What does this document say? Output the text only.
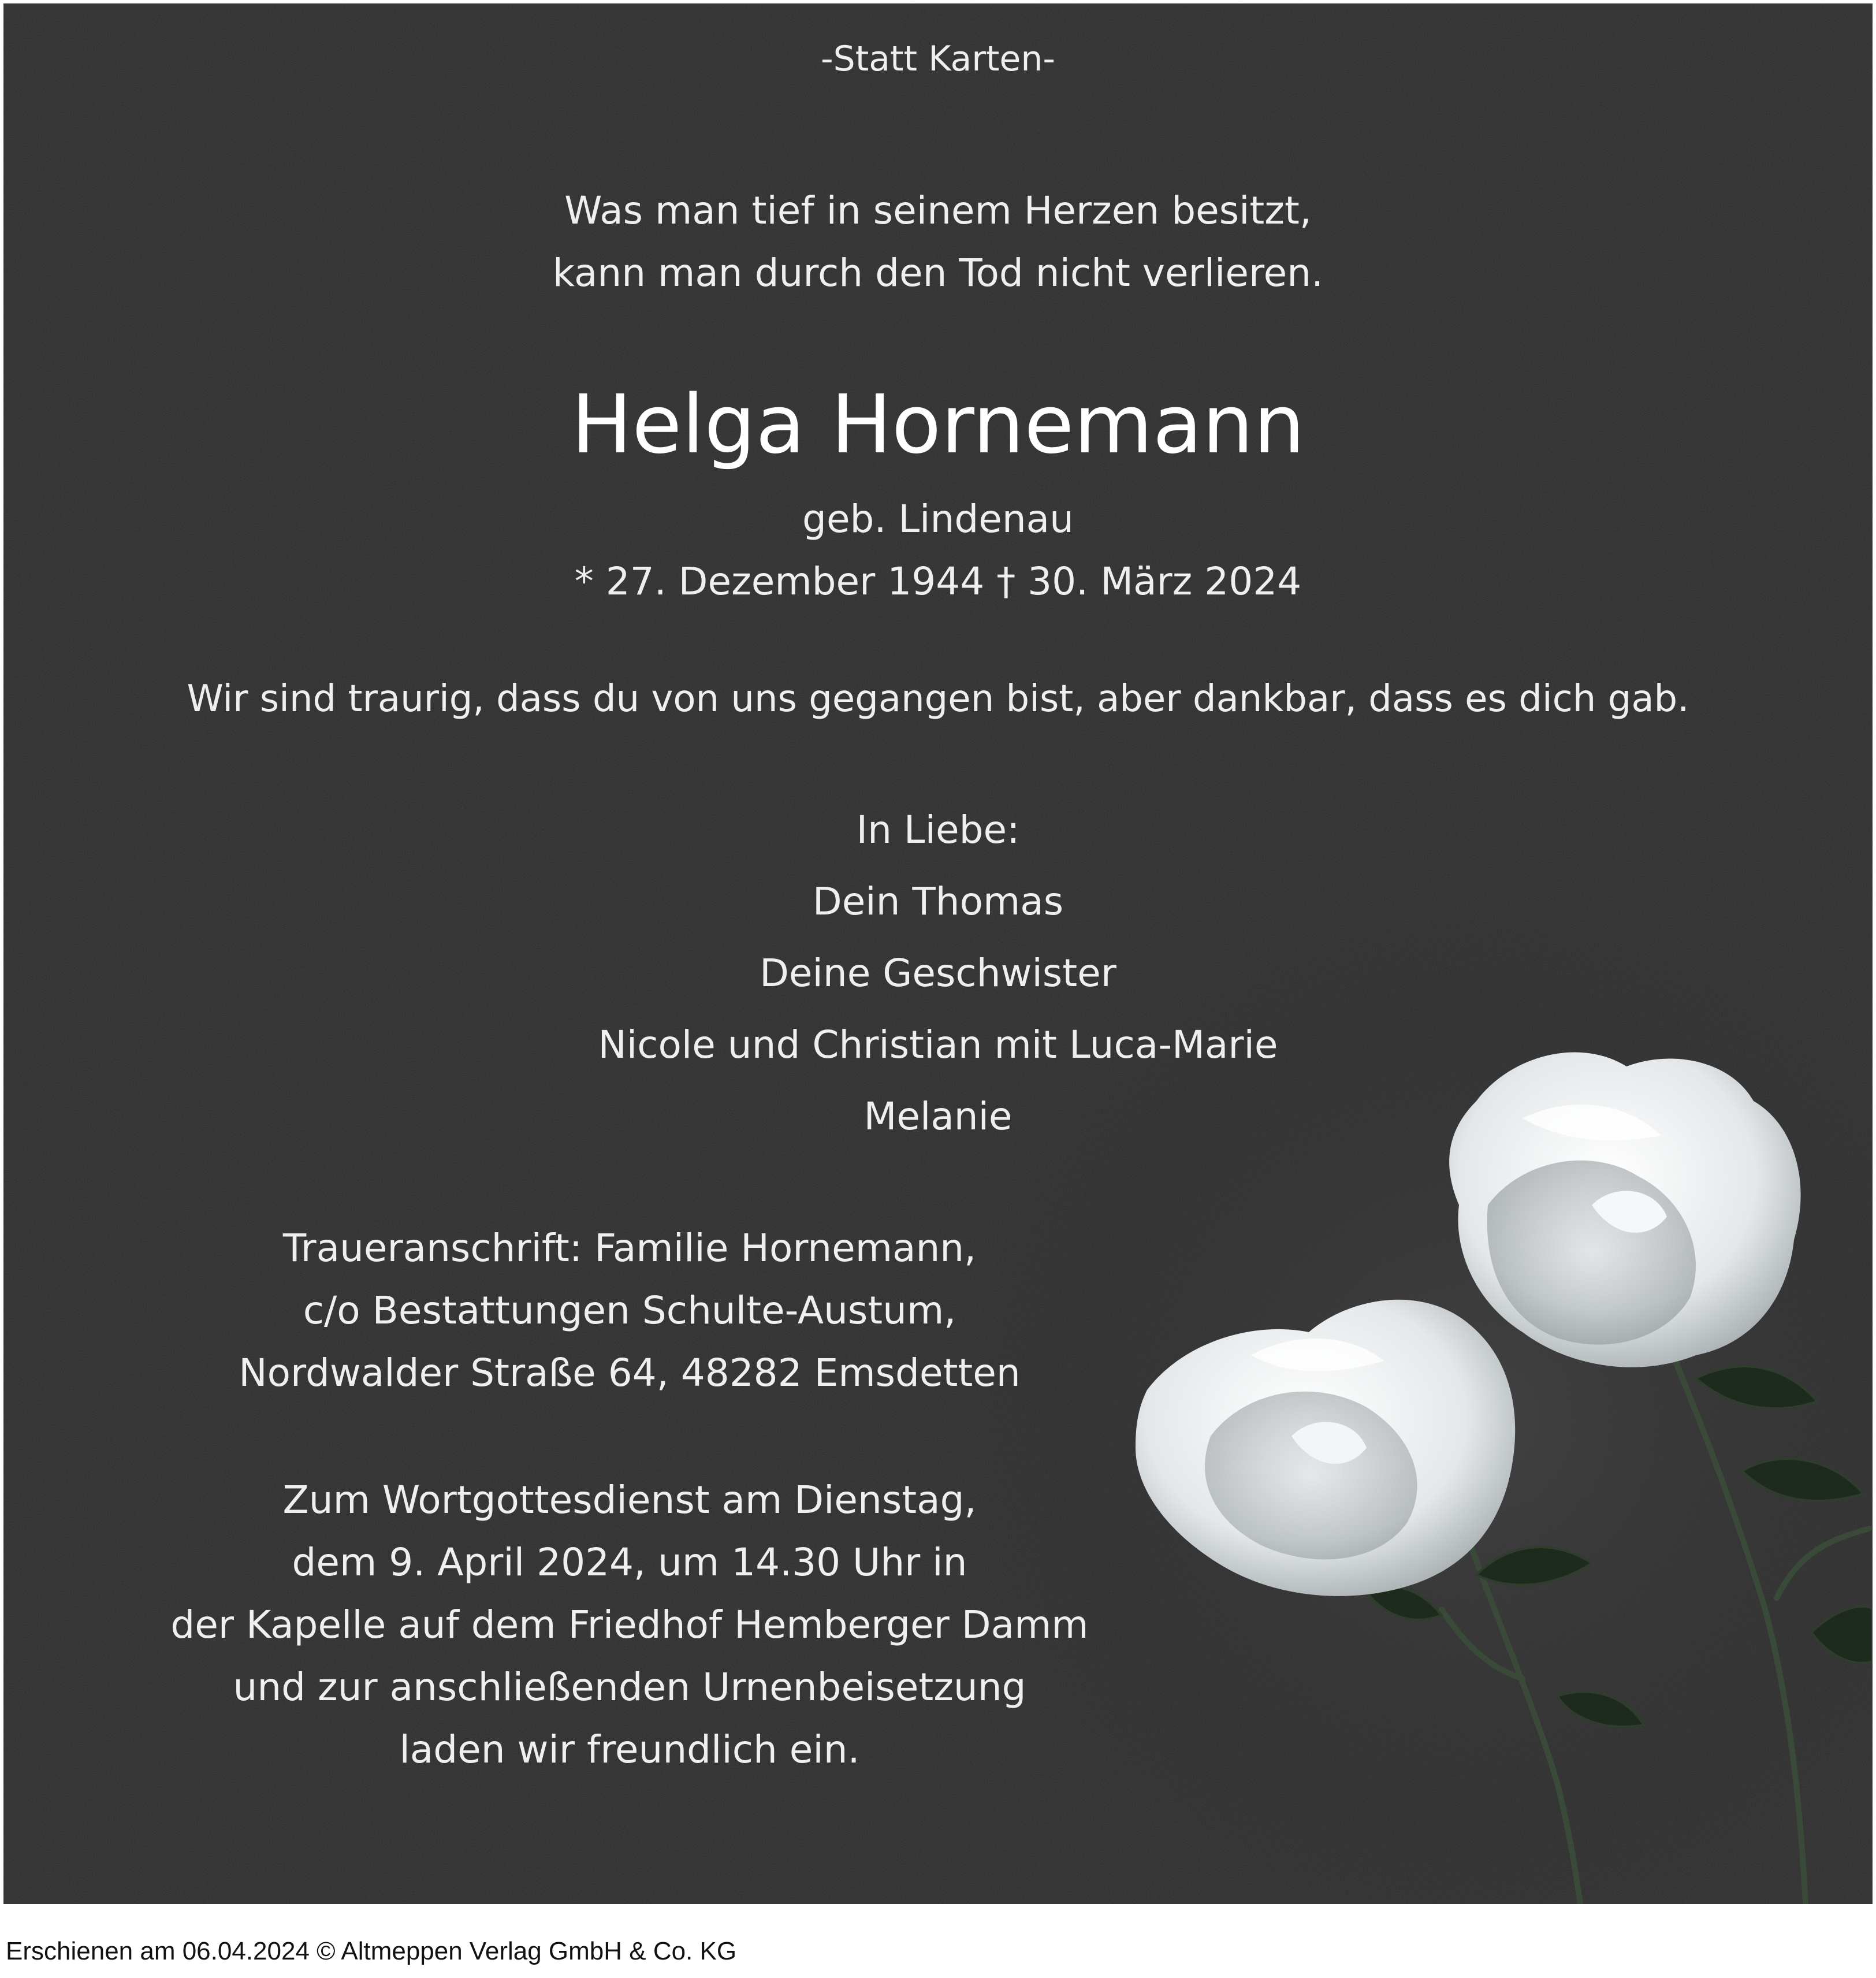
-Statt Karten-
Was man tief in seinem Herzen besitzt,
kann man durch den Tod nicht verlieren.
Helga Hornemann
geb. Lindenau
* 27. Dezember 1944 † 30. März 2024
Wir sind traurig, dass du von uns gegangen bist, aber dankbar, dass es dich gab.
In Liebe:
Dein Thomas
Deine Geschwister
Nicole und Christian mit Luca-Marie
Melanie
Traueranschrift: Familie Hornemann,
c/o Bestattungen Schulte-Austum,
Nordwalder Straße 64, 48282 Emsdetten
Zum Wortgottesdienst am Dienstag,
dem 9. April 2024, um 14.30 Uhr in
der Kapelle auf dem Friedhof Hemberger Damm
und zur anschließenden Urnenbeisetzung
laden wir freundlich ein.
Erschienen am 06.04.2024 © Altmeppen Verlag GmbH & Co. KG
